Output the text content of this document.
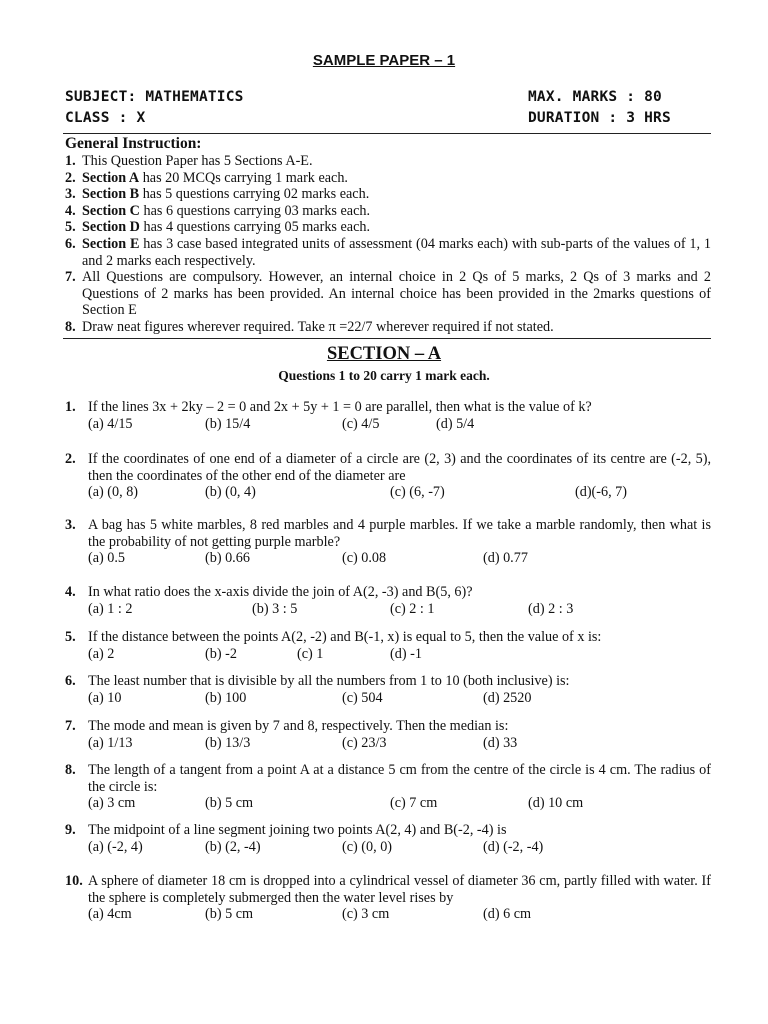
SAMPLE PAPER – 1
SUBJECT: MATHEMATICS	MAX. MARKS : 80
CLASS : X	DURATION : 3 HRS
General Instruction:
1. This Question Paper has 5 Sections A-E.
2. Section A has 20 MCQs carrying 1 mark each.
3. Section B has 5 questions carrying 02 marks each.
4. Section C has 6 questions carrying 03 marks each.
5. Section D has 4 questions carrying 05 marks each.
6. Section E has 3 case based integrated units of assessment (04 marks each) with sub-parts of the values of 1, 1 and 2 marks each respectively.
7. All Questions are compulsory. However, an internal choice in 2 Qs of 5 marks, 2 Qs of 3 marks and 2 Questions of 2 marks has been provided. An internal choice has been provided in the 2marks questions of Section E
8. Draw neat figures wherever required. Take π =22/7 wherever required if not stated.
SECTION – A
Questions 1 to 20 carry 1 mark each.
1. If the lines 3x + 2ky – 2 = 0 and 2x + 5y + 1 = 0 are parallel, then what is the value of k?
(a) 4/15	(b) 15/4	(c) 4/5	(d) 5/4
2. If the coordinates of one end of a diameter of a circle are (2, 3) and the coordinates of its centre are (-2, 5), then the coordinates of the other end of the diameter are
(a) (0, 8)	(b) (0, 4)	(c) (6, -7)	(d)(-6, 7)
3. A bag has 5 white marbles, 8 red marbles and 4 purple marbles. If we take a marble randomly, then what is the probability of not getting purple marble?
(a) 0.5	(b) 0.66	(c) 0.08	(d) 0.77
4. In what ratio does the x-axis divide the join of A(2, -3) and B(5, 6)?
(a) 1 : 2	(b) 3 : 5	(c) 2 : 1	(d) 2 : 3
5. If the distance between the points A(2, -2) and B(-1, x) is equal to 5, then the value of x is:
(a) 2	(b) -2	(c) 1	(d) -1
6. The least number that is divisible by all the numbers from 1 to 10 (both inclusive) is:
(a) 10	(b) 100	(c) 504	(d) 2520
7. The mode and mean is given by 7 and 8, respectively. Then the median is:
(a) 1/13	(b) 13/3	(c) 23/3	(d) 33
8. The length of a tangent from a point A at a distance 5 cm from the centre of the circle is 4 cm. The radius of the circle is:
(a) 3 cm	(b) 5 cm	(c) 7 cm	(d) 10 cm
9. The midpoint of a line segment joining two points A(2, 4) and B(-2, -4) is
(a) (-2, 4)	(b) (2, -4)	(c) (0, 0)	(d) (-2, -4)
10. A sphere of diameter 18 cm is dropped into a cylindrical vessel of diameter 36 cm, partly filled with water. If the sphere is completely submerged then the water level rises by
(a) 4cm	(b) 5 cm	(c) 3 cm	(d) 6 cm
